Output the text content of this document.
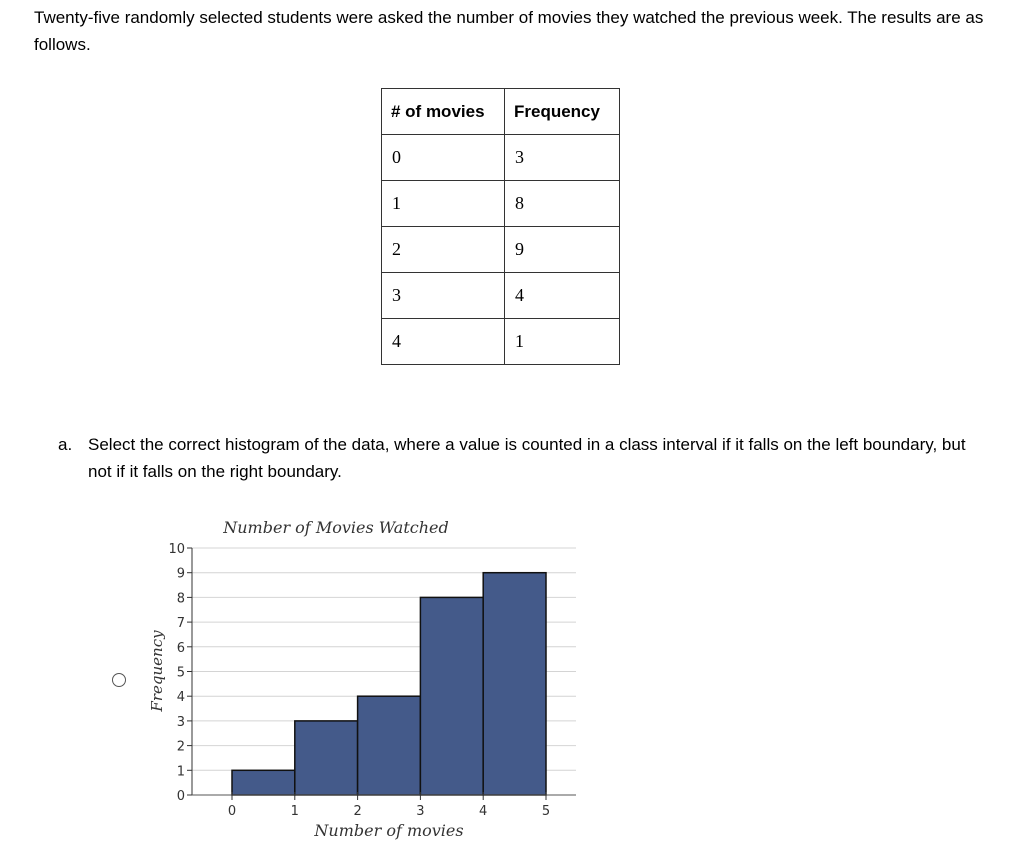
Twenty-five randomly selected students were asked the number of movies they watched the previous week. The results are as follows.
# of movies	Frequency
0	3
1	8
2	9
3	4
4	1
a. Select the correct histogram of the data, where a value is counted in a class interval if it falls on the left boundary, but not if it falls on the right boundary.
0
1
2
3
4
5
6
7
8
9
10
0	1	2	3	4	5
Number of Movies Watched
Number of movies
Frequency
